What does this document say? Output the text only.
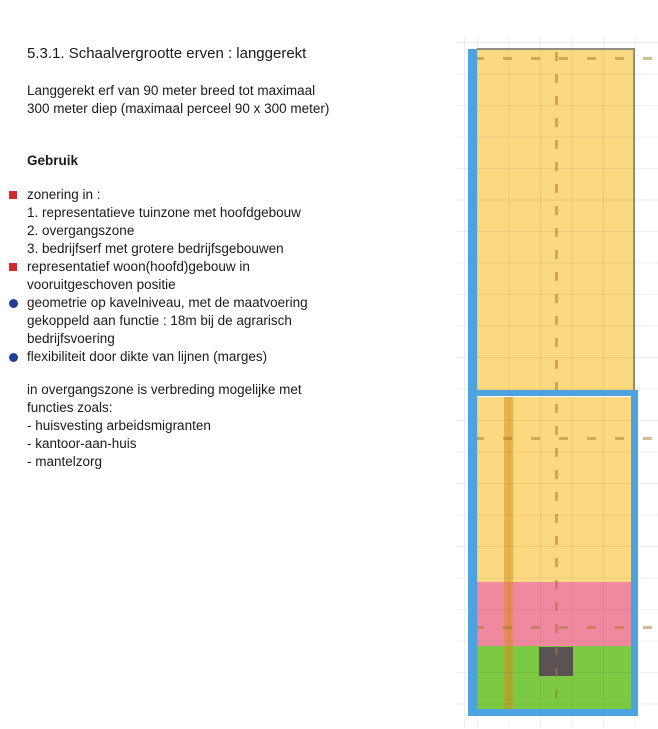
5.3.1. Schaalvergrootte erven : langgerekt
Langgerekt erf van 90 meter breed tot maximaal
300 meter diep (maximaal perceel 90 x 300 meter)
Gebruik
zonering in :
1. representatieve tuinzone met hoofdgebouw
2. overgangszone
3. bedrijfserf met grotere bedrijfsgebouwen
representatief woon(hoofd)gebouw in
vooruitgeschoven positie
geometrie op kavelniveau, met de maatvoering
gekoppeld aan functie : 18m bij de agrarisch
bedrijfsvoering
flexibiliteit door dikte van lijnen (marges)
in overgangszone is verbreding mogelijke met
functies zoals:
- huisvesting arbeidsmigranten
- kantoor-aan-huis
- mantelzorg
